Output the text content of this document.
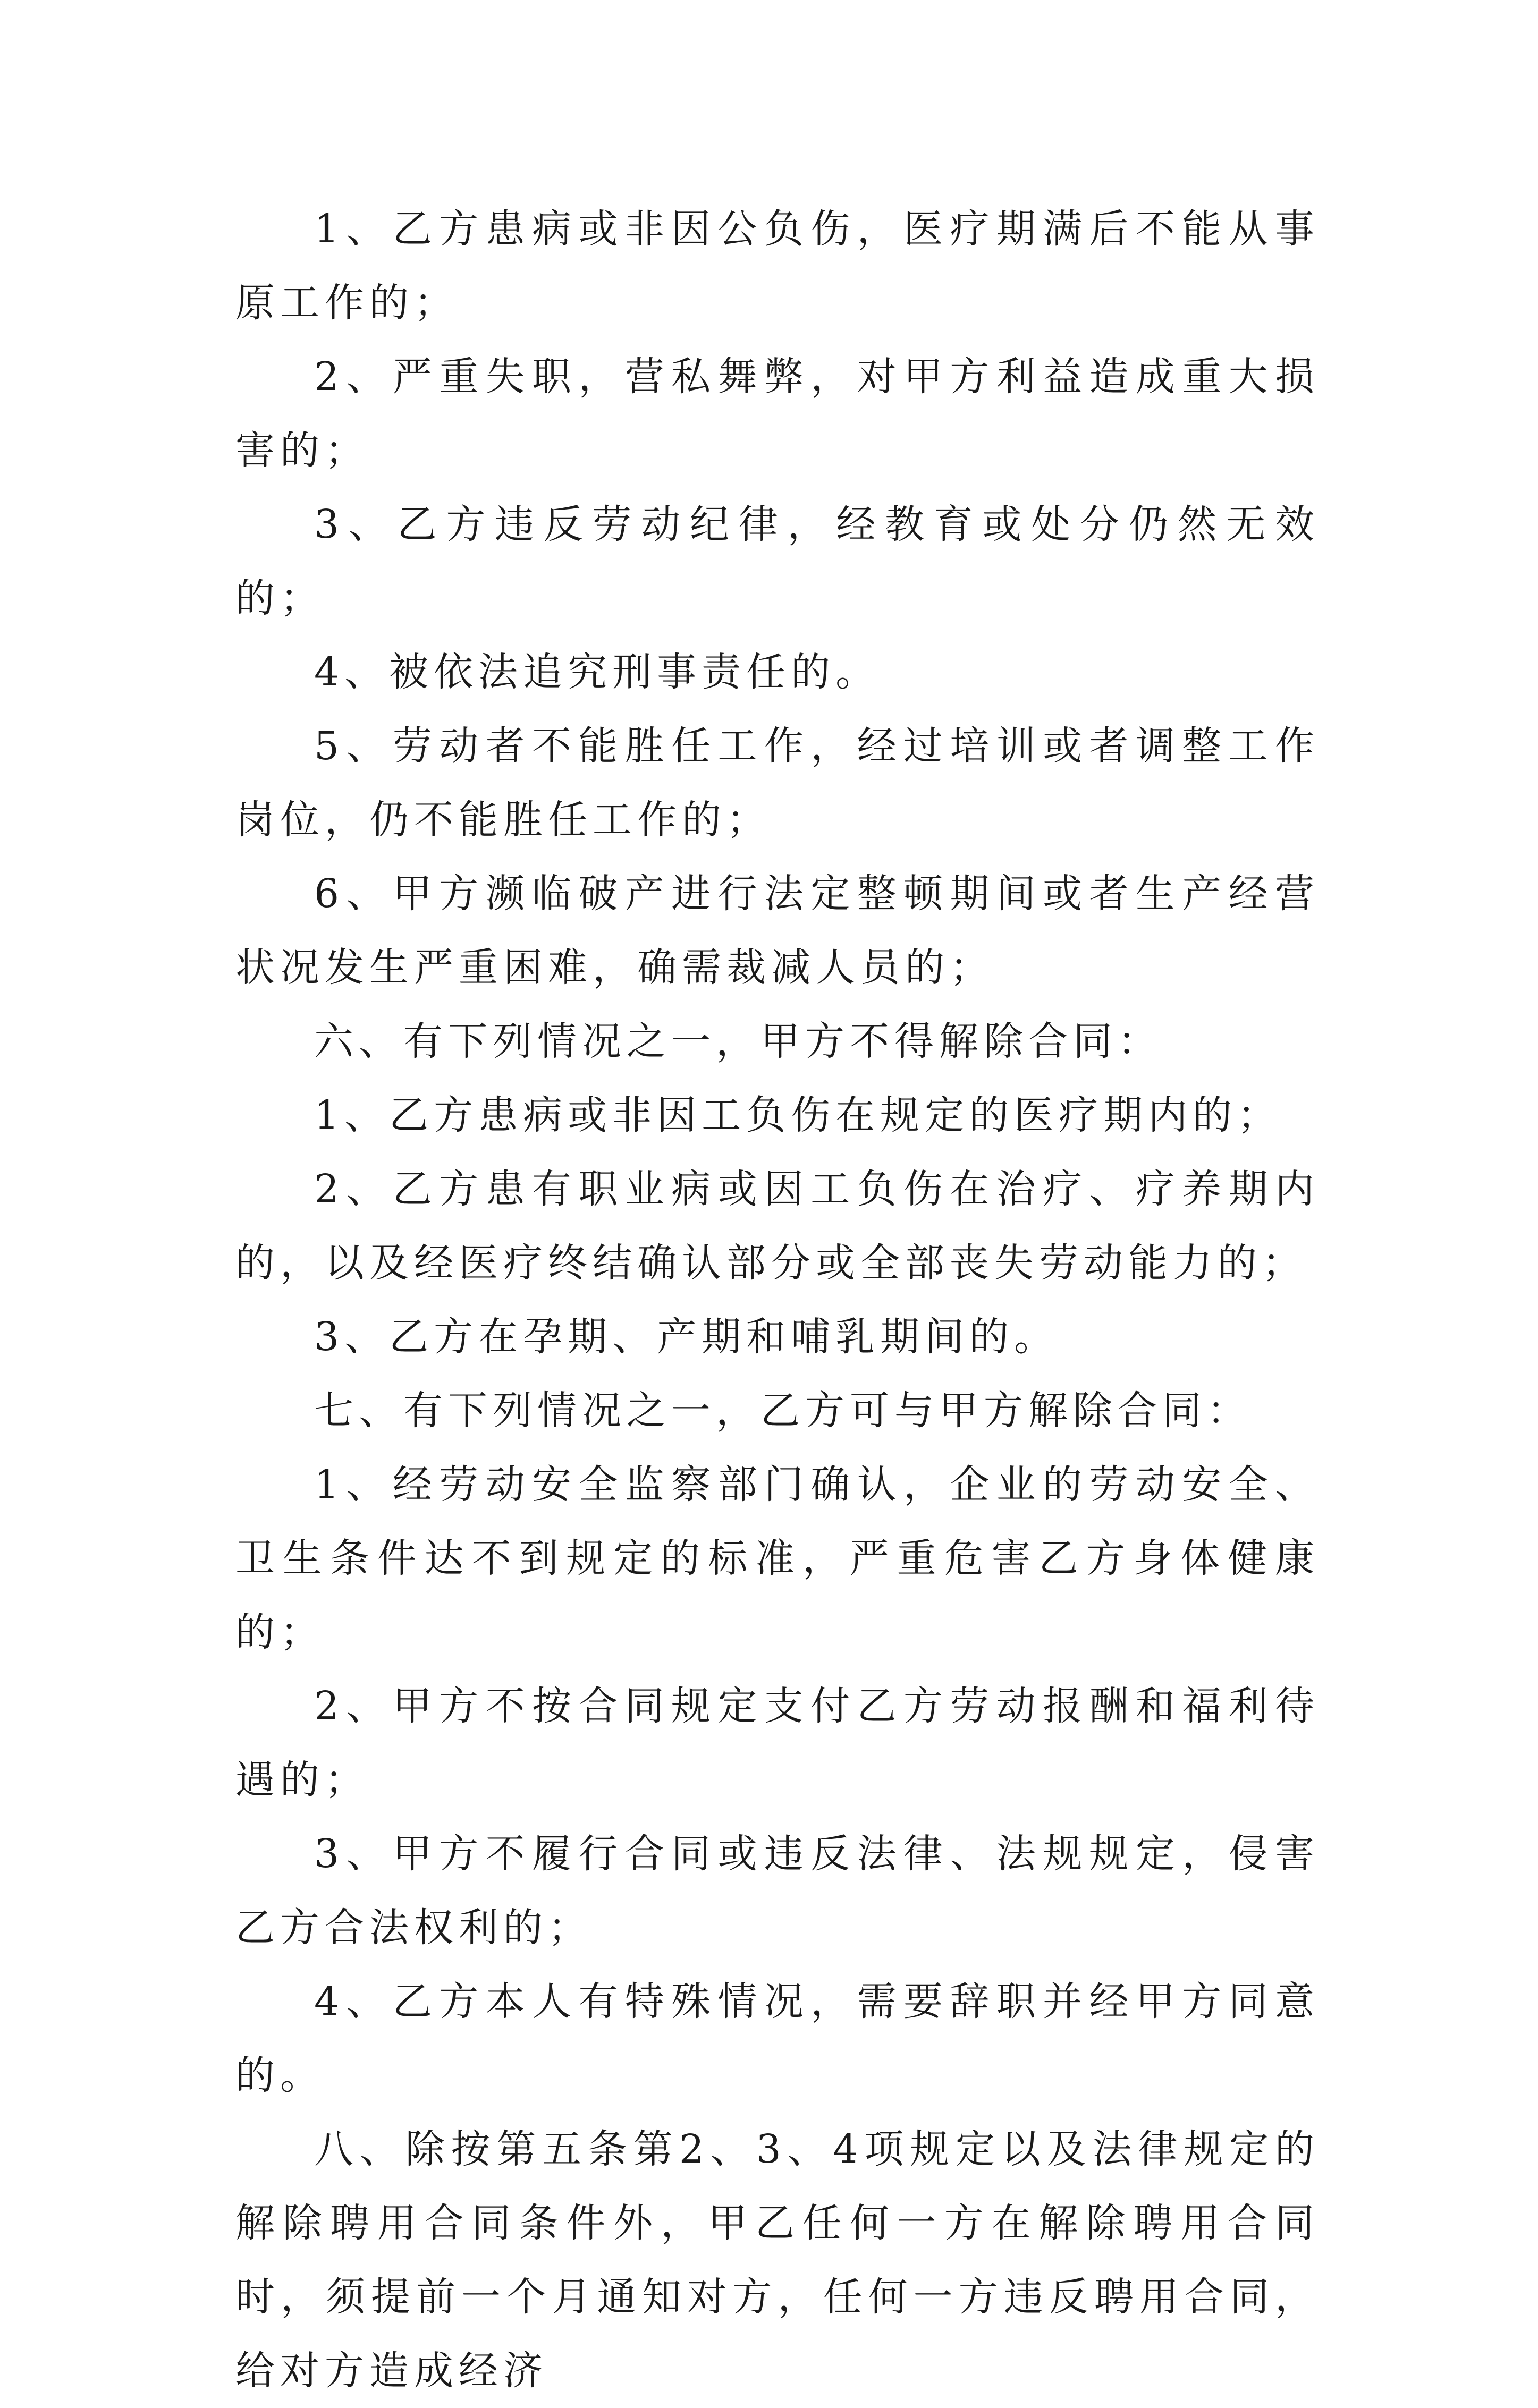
1、乙方患病或非因公负伤，医疗期满后不能从事原工作的；

2、严重失职，营私舞弊，对甲方利益造成重大损害的；

3、乙方违反劳动纪律，经教育或处分仍然无效的；

4、被依法追究刑事责任的。

5、劳动者不能胜任工作，经过培训或者调整工作岗位，仍不能胜任工作的；

6、甲方濒临破产进行法定整顿期间或者生产经营状况发生严重困难，确需裁减人员的；

六、有下列情况之一，甲方不得解除合同：

1、乙方患病或非因工负伤在规定的医疗期内的；

2、乙方患有职业病或因工负伤在治疗、疗养期内的，以及经医疗终结确认部分或全部丧失劳动能力的；

3、乙方在孕期、产期和哺乳期间的。

七、有下列情况之一，乙方可与甲方解除合同：

1、经劳动安全监察部门确认，企业的劳动安全、卫生条件达不到规定的标准，严重危害乙方身体健康的；

2、甲方不按合同规定支付乙方劳动报酬和福利待遇的；

3、甲方不履行合同或违反法律、法规规定，侵害乙方合法权利的；

4、乙方本人有特殊情况，需要辞职并经甲方同意的。

八、除按第五条第2、3、4项规定以及法律规定的解除聘用合同条件外，甲乙任何一方在解除聘用合同时，须提前一个月通知对方，任何一方违反聘用合同，给对方造成经济
